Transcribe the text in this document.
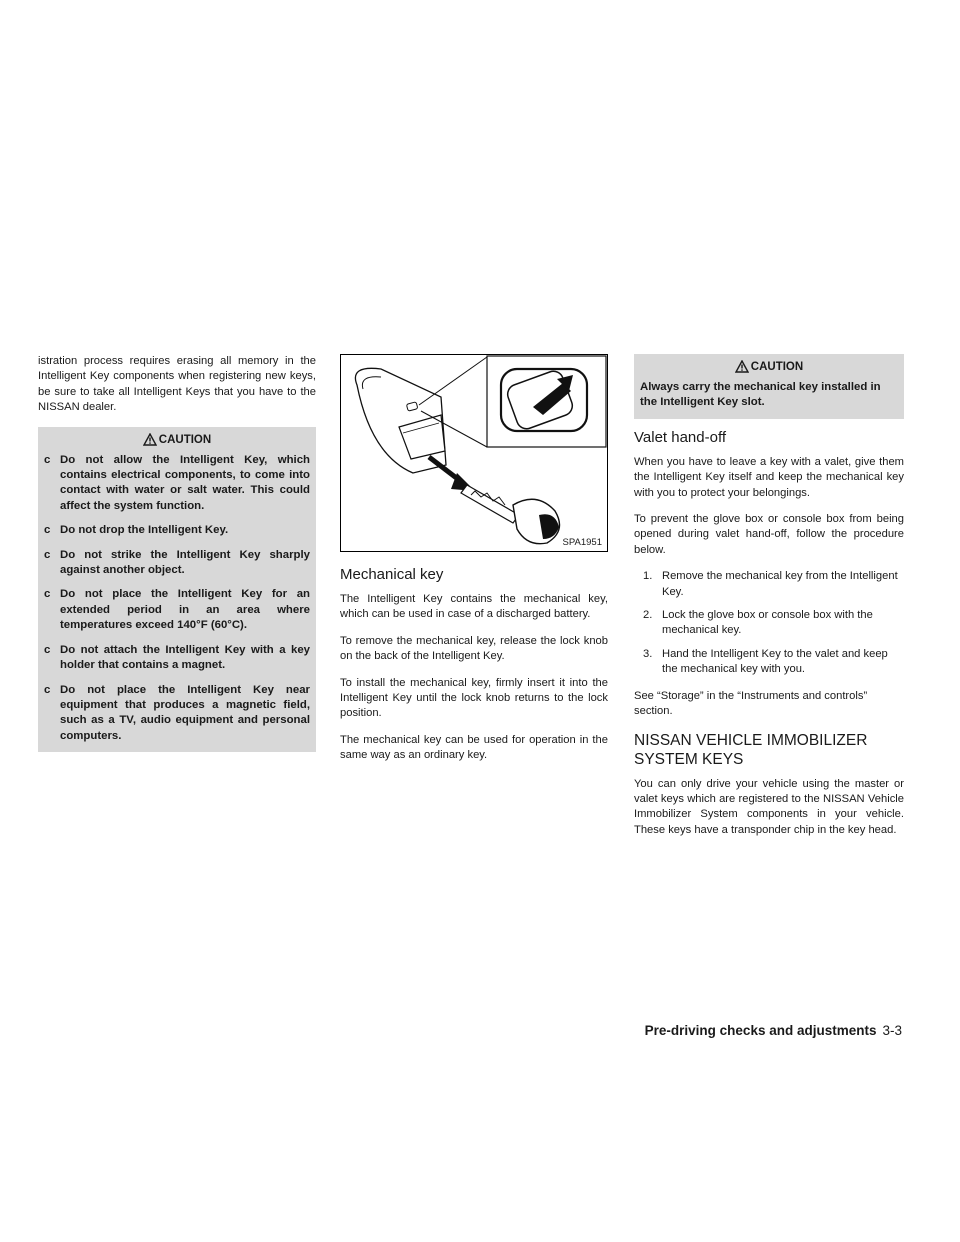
istration process requires erasing all memory in the Intelligent Key components when registering new keys, be sure to take all Intelligent Keys that you have to the NISSAN dealer.

CAUTION
c Do not allow the Intelligent Key, which contains electrical components, to come into contact with water or salt water. This could affect the system function.
c Do not drop the Intelligent Key.
c Do not strike the Intelligent Key sharply against another object.
c Do not place the Intelligent Key for an extended period in an area where temperatures exceed 140°F (60°C).
c Do not attach the Intelligent Key with a key holder that contains a magnet.
c Do not place the Intelligent Key near equipment that produces a magnetic field, such as a TV, audio equipment and personal computers.
SPA1951
Mechanical key

The Intelligent Key contains the mechanical key, which can be used in case of a discharged battery.

To remove the mechanical key, release the lock knob on the back of the Intelligent Key.

To install the mechanical key, firmly insert it into the Intelligent Key until the lock knob returns to the lock position.

The mechanical key can be used for operation in the same way as an ordinary key.

CAUTION
Always carry the mechanical key installed in the Intelligent Key slot.
Valet hand-off

When you have to leave a key with a valet, give them the Intelligent Key itself and keep the mechanical key with you to protect your belongings.

To prevent the glove box or console box from being opened during valet hand-off, follow the procedure below.

1. Remove the mechanical key from the Intelligent Key.
2. Lock the glove box or console box with the mechanical key.
3. Hand the Intelligent Key to the valet and keep the mechanical key with you.

See “Storage” in the “Instruments and controls” section.

NISSAN VEHICLE IMMOBILIZER SYSTEM KEYS

You can only drive your vehicle using the master or valet keys which are registered to the NISSAN Vehicle Immobilizer System components in your vehicle. These keys have a transponder chip in the key head.

Pre-driving checks and adjustments 3-3
